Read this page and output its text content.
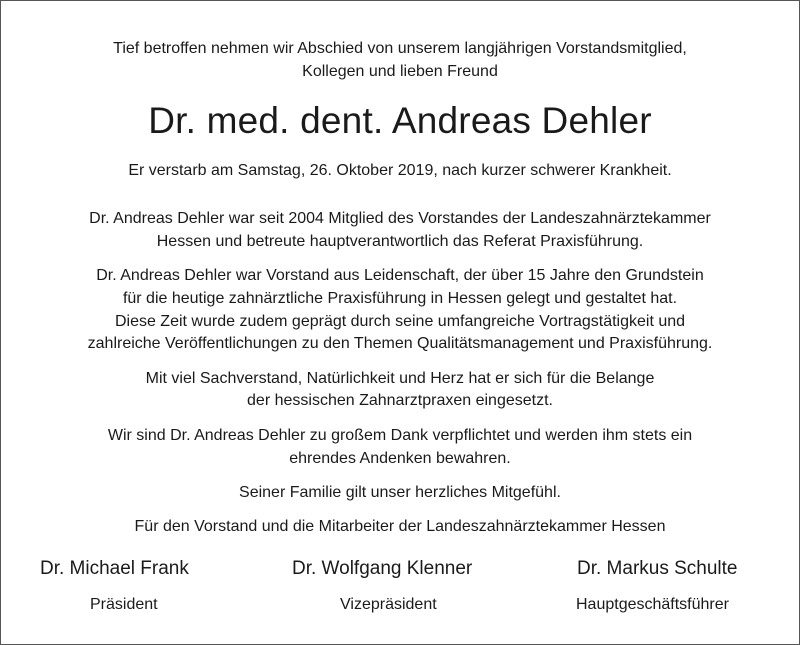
Tief betroffen nehmen wir Abschied von unserem langjährigen Vorstandsmitglied,
Kollegen und lieben Freund
Dr. med. dent. Andreas Dehler
Er verstarb am Samstag, 26. Oktober 2019, nach kurzer schwerer Krankheit.
Dr. Andreas Dehler war seit 2004 Mitglied des Vorstandes der Landeszahnärztekammer
Hessen und betreute hauptverantwortlich das Referat Praxisführung.
Dr. Andreas Dehler war Vorstand aus Leidenschaft, der über 15 Jahre den Grundstein
für die heutige zahnärztliche Praxisführung in Hessen gelegt und gestaltet hat.
Diese Zeit wurde zudem geprägt durch seine umfangreiche Vortragstätigkeit und
zahlreiche Veröffentlichungen zu den Themen Qualitätsmanagement und Praxisführung.
Mit viel Sachverstand, Natürlichkeit und Herz hat er sich für die Belange
der hessischen Zahnarztpraxen eingesetzt.
Wir sind Dr. Andreas Dehler zu großem Dank verpflichtet und werden ihm stets ein
ehrendes Andenken bewahren.
Seiner Familie gilt unser herzliches Mitgefühl.
Für den Vorstand und die Mitarbeiter der Landeszahnärztekammer Hessen
Dr. Michael Frank
Präsident
Dr. Wolfgang Klenner
Vizepräsident
Dr. Markus Schulte
Hauptgeschäftsführer
